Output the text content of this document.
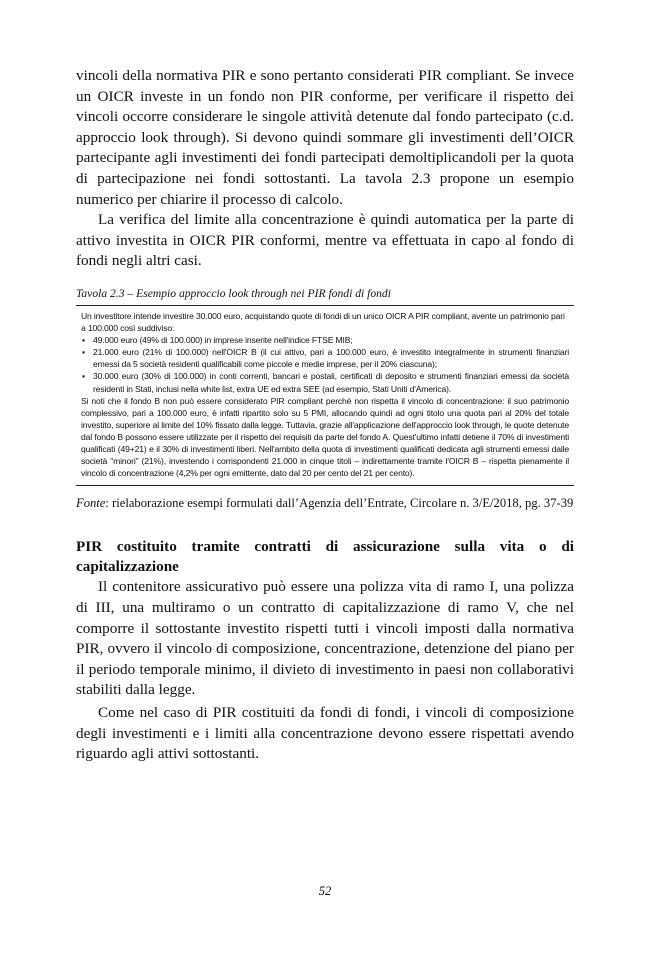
vincoli della normativa PIR e sono pertanto considerati PIR compliant. Se invece un OICR investe in un fondo non PIR conforme, per verificare il rispetto dei vincoli occorre considerare le singole attività detenute dal fondo partecipato (c.d. approccio look through). Si devono quindi sommare gli investimenti dell’OICR partecipante agli investimenti dei fondi partecipati demoltiplicandoli per la quota di partecipazione nei fondi sottostanti. La tavola 2.3 propone un esempio numerico per chiarire il processo di calcolo.

La verifica del limite alla concentrazione è quindi automatica per la parte di attivo investita in OICR PIR conformi, mentre va effettuata in capo al fondo di fondi negli altri casi.

Tavola 2.3 – Esempio approccio look through nei PIR fondi di fondi

Un investitore intende investire 30.000 euro, acquistando quote di fondi di un unico OICR A PIR compliant, avente un patrimonio pari a 100.000 così suddiviso:

▪ 49.000 euro (49% di 100.000) in imprese inserite nell'indice FTSE MIB;
▪ 21.000 euro (21% di 100.000) nell'OICR B (il cui attivo, pari a 100.000 euro, è investito integralmente in strumenti finanziari emessi da 5 società residenti qualificabili come piccole e medie imprese, per il 20% ciascuna);
▪ 30.000 euro (30% di 100.000) in conti correnti, bancari e postali, certificati di deposito e strumenti finanziari emessi da società residenti in Stati, inclusi nella white list, extra UE ed extra SEE (ad esempio, Stati Uniti d'America).

Si noti che il fondo B non può essere considerato PIR compliant perché non rispetta il vincolo di concentrazione: il suo patrimonio complessivo, pari a 100.000 euro, è infatti ripartito solo su 5 PMI, allocando quindi ad ogni titolo una quota pari al 20% del totale investito, superiore al limite del 10% fissato dalla legge. Tuttavia, grazie all'applicazione dell'approccio look through, le quote detenute dal fondo B possono essere utilizzate per il rispetto dei requisiti da parte del fondo A. Quest'ultimo infatti detiene il 70% di investimenti qualificati (49+21) e il 30% di investimenti liberi. Nell'ambito della quota di investimenti qualificati dedicata agli strumenti emessi dalle società "minori" (21%), investendo i corrispondenti 21.000 in cinque titoli – indirettamente tramite l'OICR B – rispetta pienamente il vincolo di concentrazione (4,2% per ogni emittente, dato dal 20 per cento del 21 per cento).

Fonte: rielaborazione esempi formulati dall’Agenzia dell’Entrate, Circolare n. 3/E/2018, pg. 37-39

PIR costituito tramite contratti di assicurazione sulla vita o di capitalizzazione

Il contenitore assicurativo può essere una polizza vita di ramo I, una polizza di III, una multiramo o un contratto di capitalizzazione di ramo V, che nel comporre il sottostante investito rispetti tutti i vincoli imposti dalla normativa PIR, ovvero il vincolo di composizione, concentrazione, detenzione del piano per il periodo temporale minimo, il divieto di investimento in paesi non collaborativi stabiliti dalla legge.

Come nel caso di PIR costituiti da fondi di fondi, i vincoli di composizione degli investimenti e i limiti alla concentrazione devono essere rispettati avendo riguardo agli attivi sottostanti.

52
